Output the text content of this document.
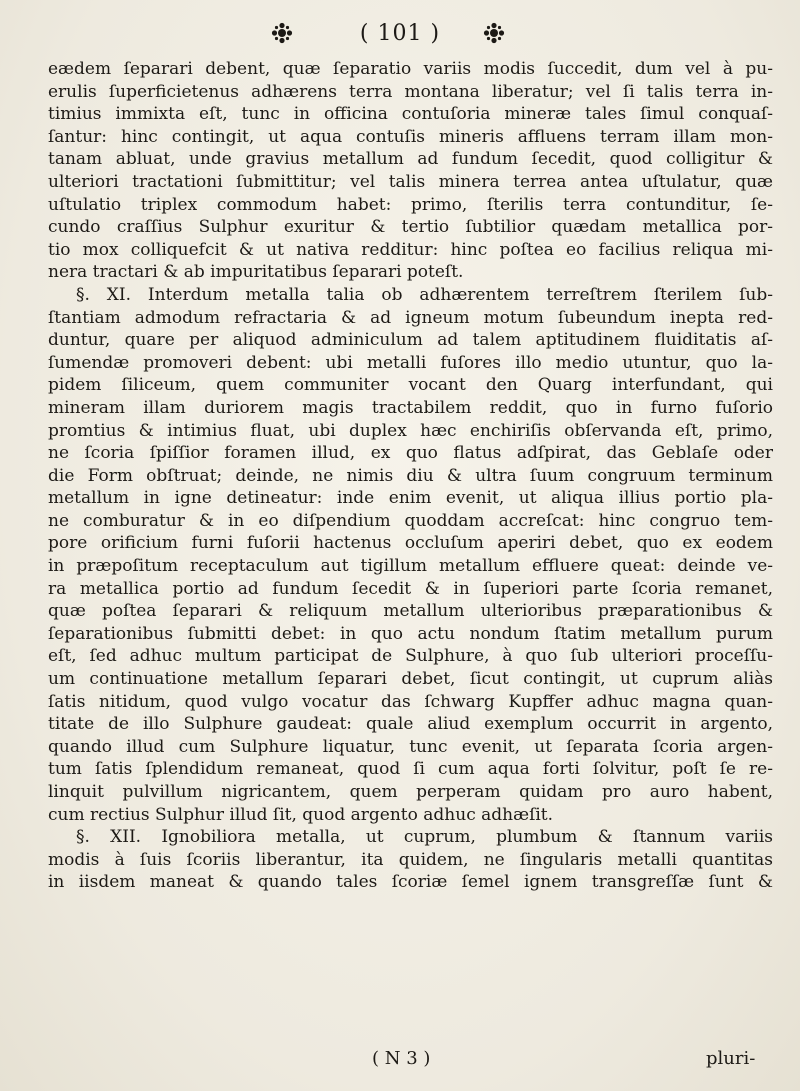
( 101 )
eædem ſeparari debent, quæ ſeparatio variis modis ſuccedit, dum vel à pu-
erulis ſuperficietenus adhærens terra montana liberatur; vel ſi talis terra in-
timius immixta eſt, tunc in officina contuſoria mineræ tales ſimul conquaſ-
ſantur: hinc contingit, ut aqua contuſis mineris affluens terram illam mon-
tanam abluat, unde gravius metallum ad fundum ſecedit, quod colligitur &
ulteriori tractationi ſubmittitur; vel talis minera terrea antea uſtulatur, quæ
uſtulatio triplex commodum habet: primo, ſterilis terra contunditur, ſe-
cundo craſſius Sulphur exuritur & tertio ſubtilior quædam metallica por-
tio mox colliquefcit & ut nativa redditur: hinc poſtea eo facilius reliqua mi-
nera tractari & ab impuritatibus ſeparari poteſt.
§. XI. Interdum metalla talia ob adhærentem terreſtrem ſterilem ſub-
ſtantiam admodum refractaria & ad igneum motum ſubeundum inepta red-
duntur, quare per aliquod adminiculum ad talem aptitudinem fluiditatis aſ-
ſumendæ promoveri debent: ubi metalli fuſores illo medio utuntur, quo la-
pidem ſiliceum, quem communiter vocant den Quarg interfundant, qui
mineram illam duriorem magis tractabilem reddit, quo in furno fuſorio
promtius & intimius fluat, ubi duplex hæc enchiriſis obſervanda eſt, primo,
ne ſcoria ſpiſſior foramen illud, ex quo flatus adſpirat, das Geblaſe oder
die Form obſtruat; deinde, ne nimis diu & ultra ſuum congruum terminum
metallum in igne detineatur: inde enim evenit, ut aliqua illius portio pla-
ne comburatur & in eo diſpendium quoddam accreſcat: hinc congruo tem-
pore orificium furni fuſorii hactenus occluſum aperiri debet, quo ex eodem
in præpoſitum receptaculum aut tigillum metallum effluere queat: deinde ve-
ra metallica portio ad fundum ſecedit & in ſuperiori parte ſcoria remanet,
quæ poſtea ſeparari & reliquum metallum ulterioribus præparationibus &
ſeparationibus ſubmitti debet: in quo actu nondum ſtatim metallum purum
eſt, ſed adhuc multum participat de Sulphure, à quo ſub ulteriori proceſſu-
um continuatione metallum ſeparari debet, ſicut contingit, ut cuprum aliàs
ſatis nitidum, quod vulgo vocatur das ſchwarg Kupffer adhuc magna quan-
titate de illo Sulphure gaudeat: quale aliud exemplum occurrit in argento,
quando illud cum Sulphure liquatur, tunc evenit, ut ſeparata ſcoria argen-
tum ſatis ſplendidum remaneat, quod ſi cum aqua forti ſolvitur, poſt ſe re-
linquit pulvillum nigricantem, quem perperam quidam pro auro habent,
cum rectius Sulphur illud ſit, quod argento adhuc adhæſit.
§. XII. Ignobiliora metalla, ut cuprum, plumbum & ſtannum variis
modis à ſuis ſcoriis liberantur, ita quidem, ne ſingularis metalli quantitas
in iisdem maneat & quando tales ſcoriæ ſemel ignem transgreſſæ ſunt &
( N 3 )	pluri-
